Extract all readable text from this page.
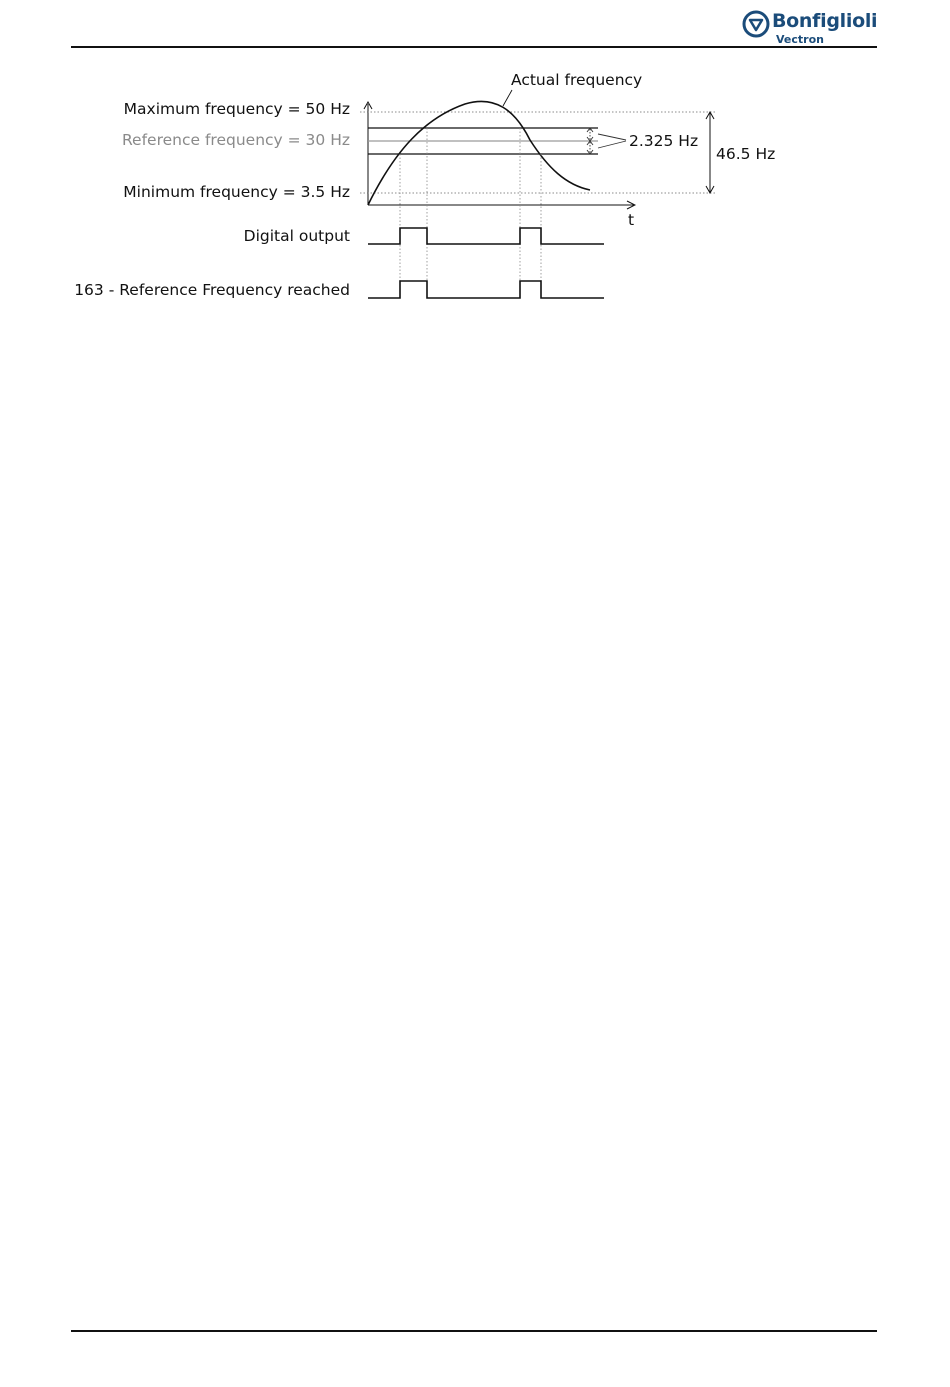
Bonfiglioli
Vectron
t
2.325 Hz
46.5 Hz
Actual frequency
Maximum frequency = 50 Hz
Reference frequency = 30 Hz
Minimum frequency = 3.5 Hz
Digital output
163 - Reference Frequency reached
